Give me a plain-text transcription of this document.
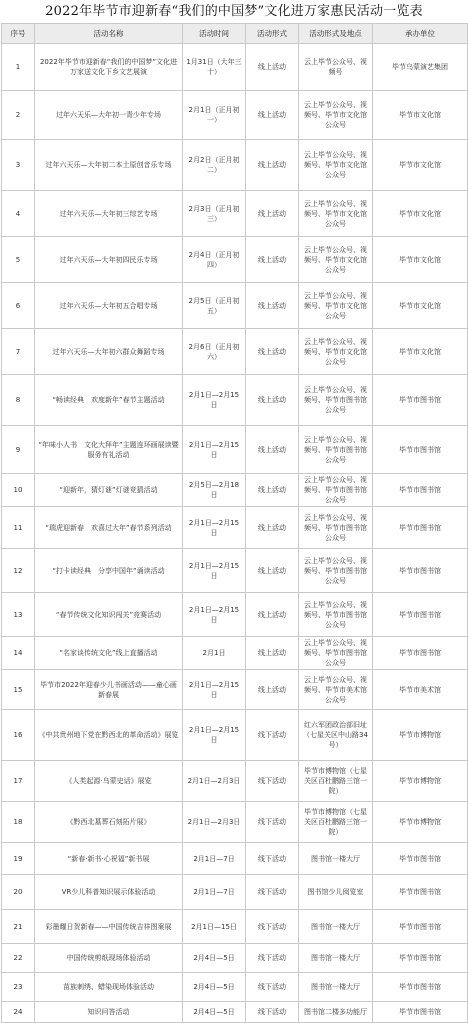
2022年毕节市迎新春“我们的中国梦”文化进万家惠民活动一览表
序号	活动名称	活动时间	活动形式	活动形式及地点	承办单位
1	2022年毕节市迎新春“我们的中国梦”文化进万家送文化下乡文艺展演	1月31日（大年三十）	线上活动	云上毕节公众号、视频号	毕节乌蒙演艺集团
2	过年六天乐—大年初一青少年专场	2月1日（正月初一）	线上活动	云上毕节公众号、视频号、毕节市文化馆公众号	毕节市文化馆
3	过年六天乐—大年初二本土原创音乐专场	2月2日（正月初二）	线上活动	云上毕节公众号、视频号、毕节市文化馆公众号	毕节市文化馆
4	过年六天乐—大年初三综艺专场	2月3日（正月初三）	线上活动	云上毕节公众号、视频号、毕节市文化馆公众号	毕节市文化馆
5	过年六天乐—大年初四民乐专场	2月4日（正月初四）	线上活动	云上毕节公众号、视频号、毕节市文化馆公众号	毕节市文化馆
6	过年六天乐—大年初五合唱专场	2月5日（正月初五）	线上活动	云上毕节公众号、视频号、毕节市文化馆公众号	毕节市文化馆
7	过年六天乐—大年初六群众舞蹈专场	2月6日（正月初六）	线上活动	云上毕节公众号、视频号、毕节市文化馆公众号	毕节市文化馆
8	“畅读经典　欢度新年”春节主题活动	2月1日—2月15日	线上活动	云上毕节公众号、视频号、毕节市图书馆公众号	毕节市图书馆
9	“年味小人书　文化大拜年”主题连环画展读暨服务有礼活动	2月1日—2月15日	线上活动	云上毕节公众号、视频号、毕节市图书馆公众号	毕节市图书馆
10	“迎新年，猜灯谜”灯谜竞猜活动	2月5日—2月18日	线上活动	云上毕节公众号、视频号、毕节市图书馆公众号	毕节市图书馆
11	“瑞虎迎新春　欢喜过大年”春节系列活动	2月1日—2月15日	线上活动	云上毕节公众号、视频号、毕节市图书馆公众号	毕节市图书馆
12	“打卡读经典　分享中国年”诵读活动	2月1日—2月15日	线上活动	云上毕节公众号、视频号、毕节市图书馆公众号	毕节市图书馆
13	“春节传统文化知识闯关”竞赛活动	2月1日—2月15日	线上活动	云上毕节公众号、视频号、毕节市图书馆公众号	毕节市图书馆
14	“名家谈传统文化”线上直播活动	2月1日	线上活动	云上毕节公众号、视频号、毕节市图书馆公众号	毕节市图书馆
15	毕节市2022年迎春少儿书画活动——童心画新春展	2月1日—2月15日	线上活动	云上毕节公众号、视频号、毕节市美术馆公众号	毕节市美术馆
16	《中共贵州地下党在黔西北的革命活动》展览	2月1日—2月15日	线下活动	红六军团政治部旧址（七星关区中山路34号）	毕节市博物馆
17	《人类起源·乌蒙史话》展览	2月1日—2月3日	线下活动	毕节市博物馆（七星关区百杜鹏路三馆一院）	毕节市博物馆
18	《黔西北墓葬石刻拓片展》	2月1日—2月3日	线下活动	毕节市博物馆（七星关区百杜鹏路三馆一院）	毕节市博物馆
19	“新春·新书·心祝福”新书展	2月1日—7日	线下活动	图书馆一楼大厅	毕节市图书馆
20	VR少儿科普知识展示体验活动	2月1日—7日	线下活动	图书馆少儿阅览室	毕节市图书馆
21	彩墨耀日贺新春——中国传统吉祥图案展	2月1日—15日	线下活动	图书馆一楼大厅	毕节市图书馆
22	中国传统剪纸现场体验活动	2月4日—5日	线下活动	图书馆一楼大厅	毕节市图书馆
23	苗族刺绣、蜡染现场体验活动	2月4日—5日	线下活动	图书馆一楼大厅	毕节市图书馆
24	知识问答活动	2月4日—5日	线下活动	图书馆二楼多功能厅	毕节市图书馆
